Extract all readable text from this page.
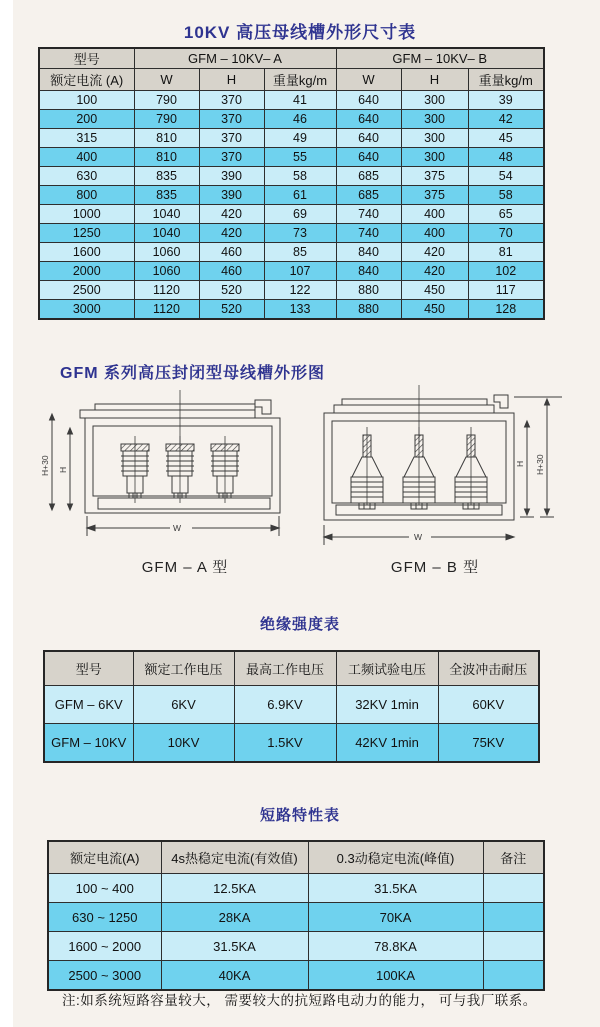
10KV 高压母线槽外形尺寸表
型号	GFM – 10KV– A			GFM – 10KV– B		
额定电流 (A)	W	H	重量kg/m	W	H	重量kg/m
100	790	370	41	640	300	39
200	790	370	46	640	300	42
315	810	370	49	640	300	45
400	810	370	55	640	300	48
630	835	390	58	685	375	54
800	835	390	61	685	375	58
1000	1040	420	69	740	400	65
1250	1040	420	73	740	400	70
1600	1060	460	85	840	420	81
2000	1060	460	107	840	420	102
2500	1120	520	122	880	450	117
3000	1120	520	133	880	450	128
GFM 系列高压封闭型母线槽外形图
H+30 H
W
H H+30
W
GFM – A 型	GFM – B 型
绝缘强度表
型号	额定工作电压	最高工作电压	工频试验电压	全波冲击耐压
GFM – 6KV	6KV	6.9KV	32KV 1min	60KV
GFM – 10KV	10KV	1.5KV	42KV 1min	75KV
短路特性表
额定电流(A)	4s热稳定电流(有效值)	0.3动稳定电流(峰值)	备注
100 ~ 400	12.5KA	31.5KA	
630 ~ 1250	28KA	70KA	
1600 ~ 2000	31.5KA	78.8KA	
2500 ~ 3000	40KA	100KA	
注:如系统短路容量较大， 需要较大的抗短路电动力的能力， 可与我厂联系。
